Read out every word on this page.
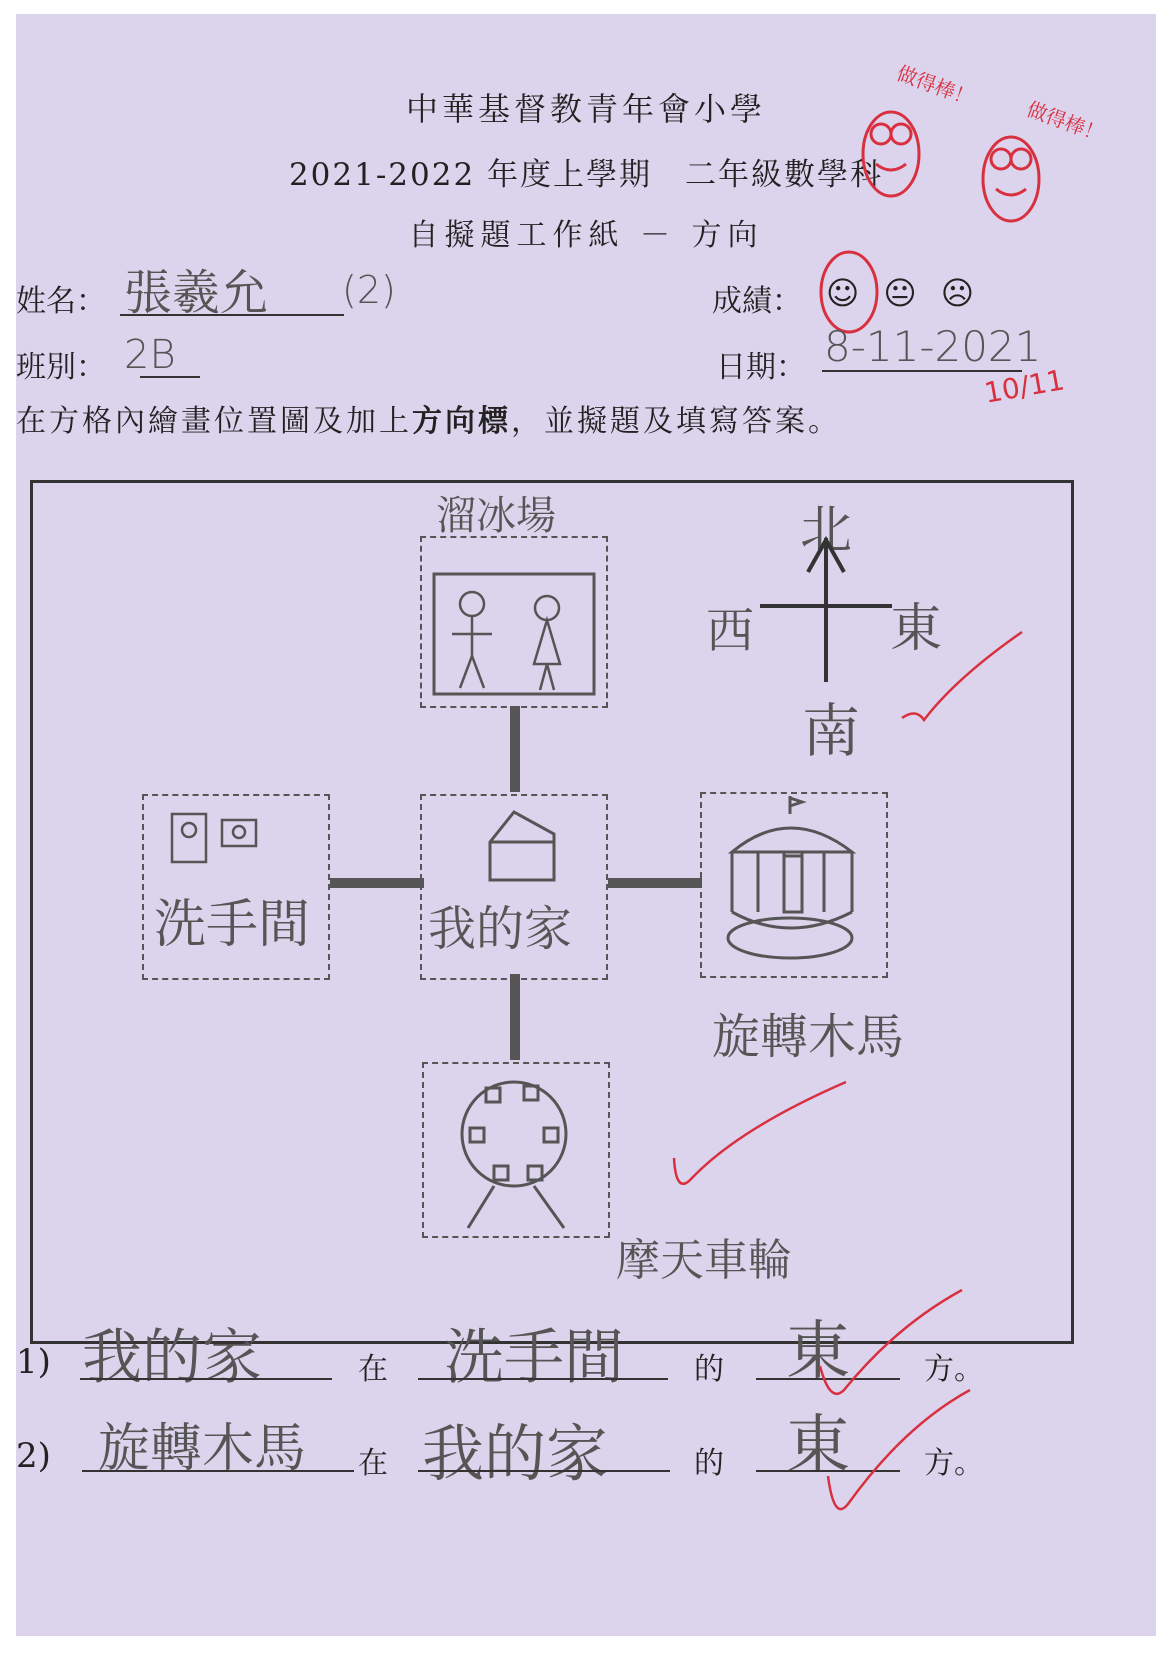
中華基督教青年會小學
2021-2022 年度上學期　二年級數學科
自擬題工作紙 － 方向
做得棒！
做得棒！
姓名： 張羲允 (2)	成績： ☺😐☹
班別： 2B	日期： 8-11-2021
10/11
在方格內繪畫位置圖及加上方向標，並擬題及填寫答案。
溜冰場
洗手間 我的家
旋轉木馬
摩天車輪
北
西	東
南
1) 我的家	在 洗手間 的 東 方。
2) 旋轉木馬 在 我的家	的 東 方。
